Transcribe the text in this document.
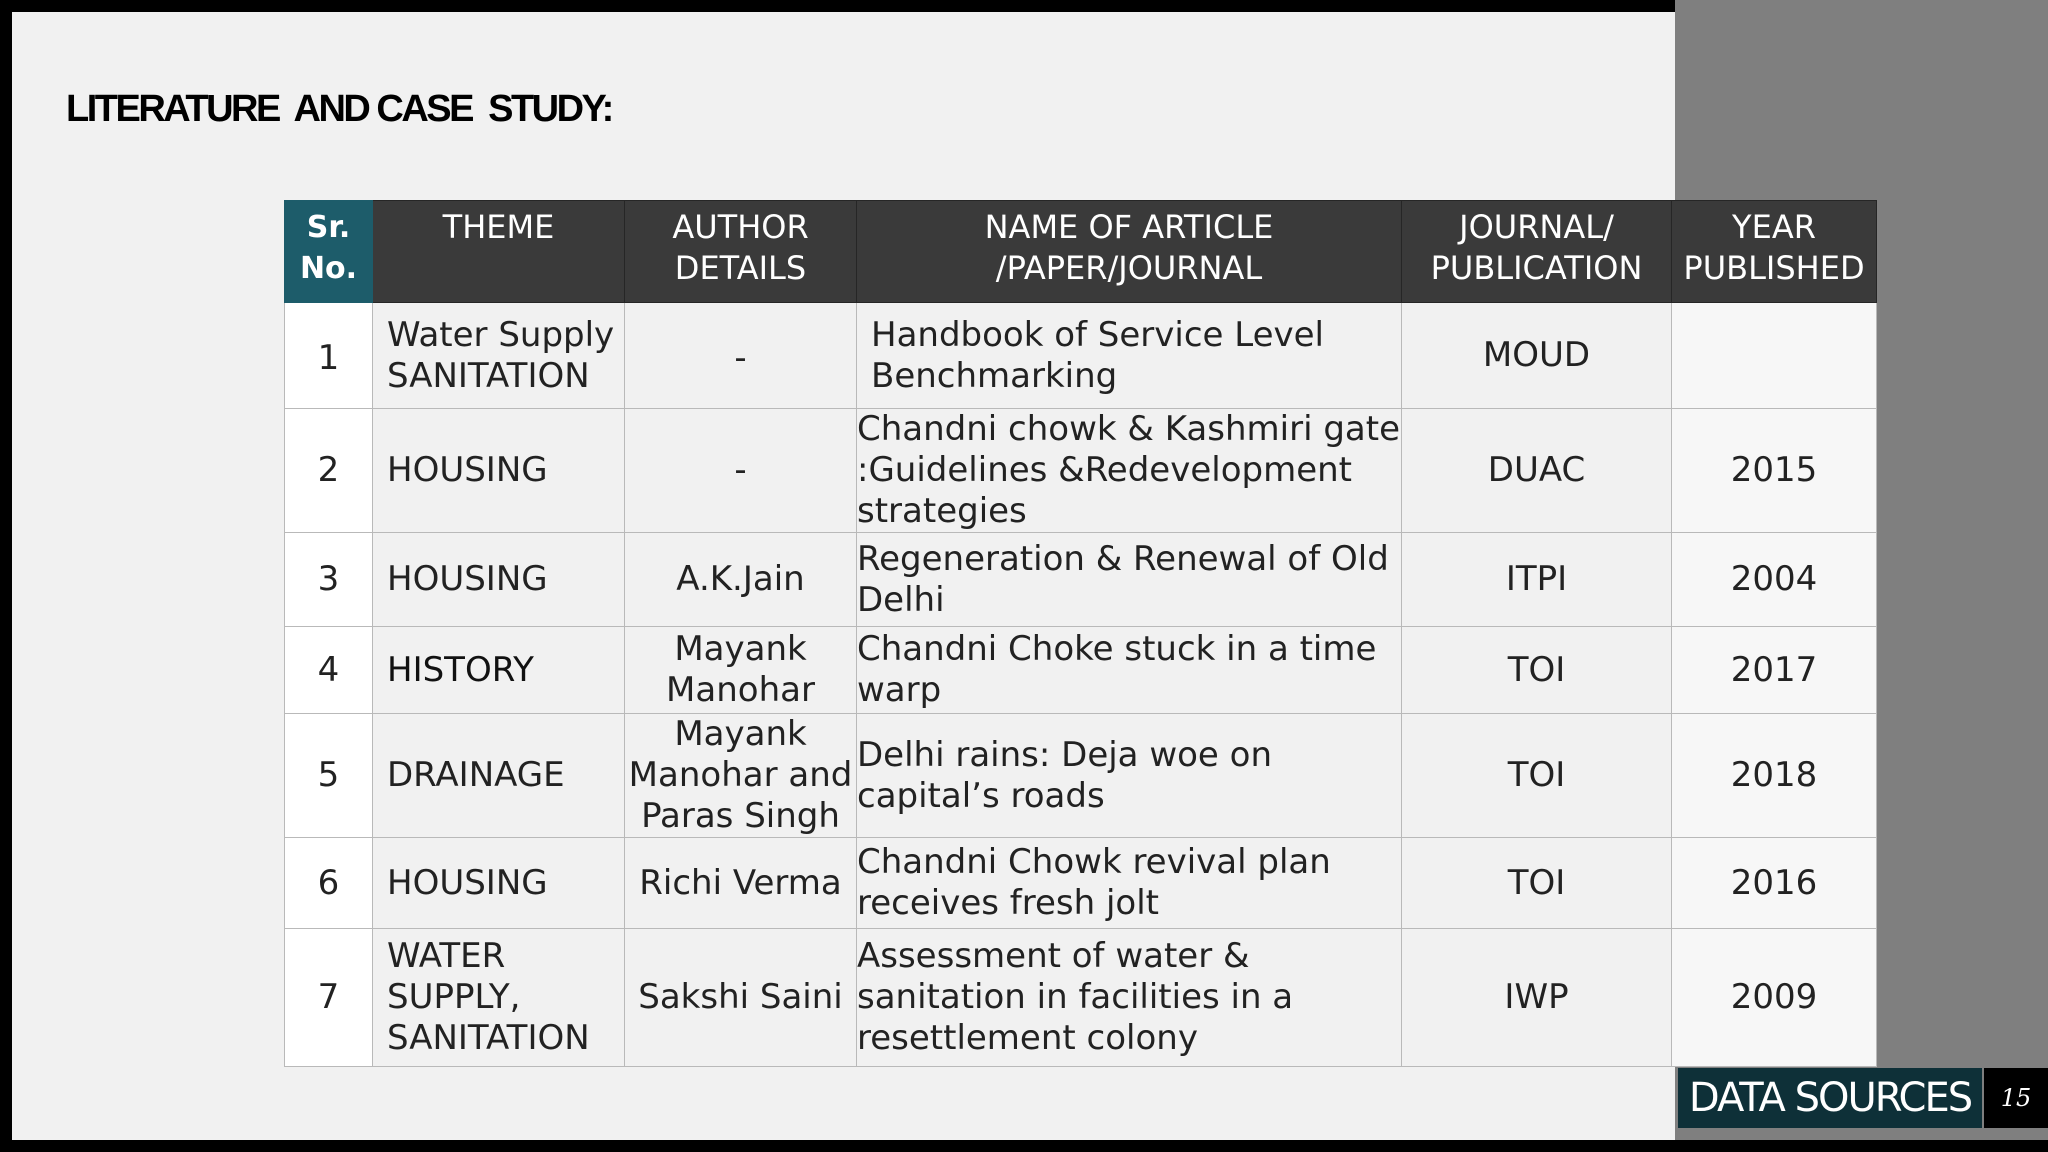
LITERATURE  AND CASE  STUDY:
Sr. No.	THEME	AUTHOR DETAILS	NAME OF ARTICLE /PAPER/JOURNAL	JOURNAL/ PUBLICATION	YEAR PUBLISHED
1	Water Supply SANITATION	-	Handbook of Service Level Benchmarking	MOUD	
2	HOUSING	-	Chandni chowk & Kashmiri gate :Guidelines &Redevelopment strategies	DUAC	2015
3	HOUSING	A.K.Jain	Regeneration & Renewal of Old Delhi	ITPI	2004
4	HISTORY	Mayank Manohar	Chandni Choke stuck in a time warp	TOI	2017
5	DRAINAGE	Mayank Manohar and Paras Singh	Delhi rains: Deja woe on capital’s roads	TOI	2018
6	HOUSING	Richi Verma	Chandni Chowk revival plan receives fresh jolt	TOI	2016
7	WATER SUPPLY, SANITATION	Sakshi Saini	Assessment of water & sanitation in facilities in a resettlement colony	IWP	2009
DATA SOURCES	15
